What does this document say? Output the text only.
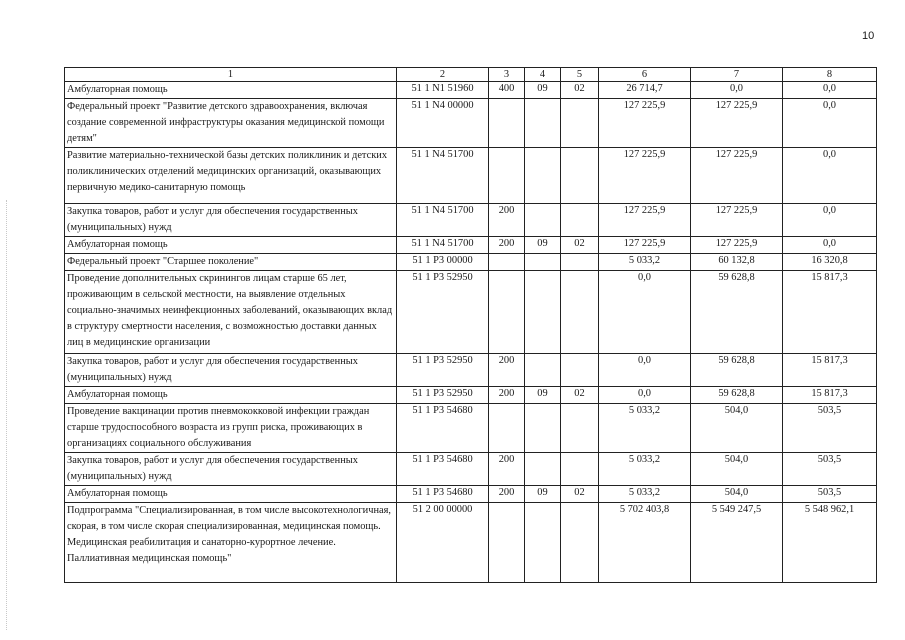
10
1	2	3	4	5	6	7	8
Амбулаторная помощь	51 1 N1 51960	400	09	02	26 714,7	0,0	0,0
Федеральный проект "Развитие детского здравоохранения, включая создание современной инфраструктуры оказания медицинской помощи детям"	51 1 N4 00000				127 225,9	127 225,9	0,0
Развитие материально-технической базы детских поликлиник и детских поликлинических отделений медицинских организаций, оказывающих первичную медико-санитарную помощь	51 1 N4 51700				127 225,9	127 225,9	0,0
Закупка товаров, работ и услуг для обеспечения государственных (муниципальных) нужд	51 1 N4 51700	200			127 225,9	127 225,9	0,0
Амбулаторная помощь	51 1 N4 51700	200	09	02	127 225,9	127 225,9	0,0
Федеральный проект "Старшее поколение"	51 1 P3 00000				5 033,2	60 132,8	16 320,8
Проведение дополнительных скринингов лицам старше 65 лет, проживающим в сельской местности, на выявление отдельных социально-значимых неинфекционных заболеваний, оказывающих вклад в структуру смертности населения, с возможностью доставки данных лиц в медицинские организации	51 1 P3 52950				0,0	59 628,8	15 817,3
Закупка товаров, работ и услуг для обеспечения государственных (муниципальных) нужд	51 1 P3 52950	200			0,0	59 628,8	15 817,3
Амбулаторная помощь	51 1 P3 52950	200	09	02	0,0	59 628,8	15 817,3
Проведение вакцинации против пневмококковой инфекции граждан старше трудоспособного возраста из групп риска, проживающих в организациях социального обслуживания	51 1 P3 54680				5 033,2	504,0	503,5
Закупка товаров, работ и услуг для обеспечения государственных (муниципальных) нужд	51 1 P3 54680	200			5 033,2	504,0	503,5
Амбулаторная помощь	51 1 P3 54680	200	09	02	5 033,2	504,0	503,5
Подпрограмма "Специализированная, в том числе высокотехнологичная, скорая, в том числе скорая специализированная, медицинская помощь. Медицинская реабилитация и санаторно-курортное лечение. Паллиативная медицинская помощь"	51 2 00 00000				5 702 403,8	5 549 247,5	5 548 962,1
